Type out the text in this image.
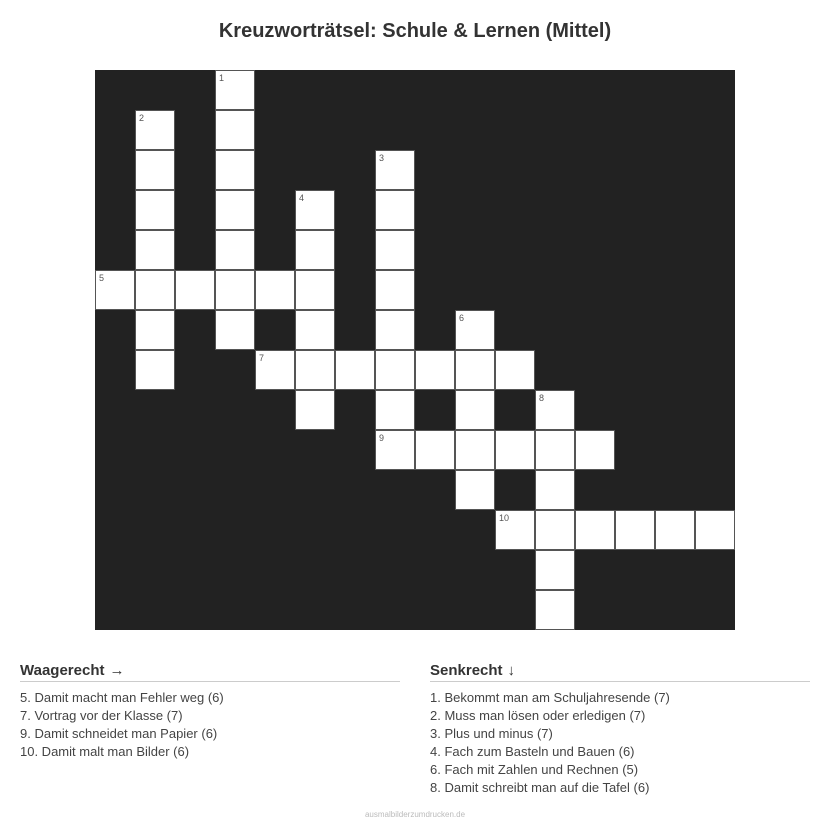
Kreuzworträtsel: Schule & Lernen (Mittel)
1
2
3
4
5
6
7
8
9
10
Waagerecht →
5. Damit macht man Fehler weg (6)
7. Vortrag vor der Klasse (7)
9. Damit schneidet man Papier (6)
10. Damit malt man Bilder (6)
Senkrecht ↓
1. Bekommt man am Schuljahresende (7)
2. Muss man lösen oder erledigen (7)
3. Plus und minus (7)
4. Fach zum Basteln und Bauen (6)
6. Fach mit Zahlen und Rechnen (5)
8. Damit schreibt man auf die Tafel (6)
ausmalbilderzumdrucken.de
